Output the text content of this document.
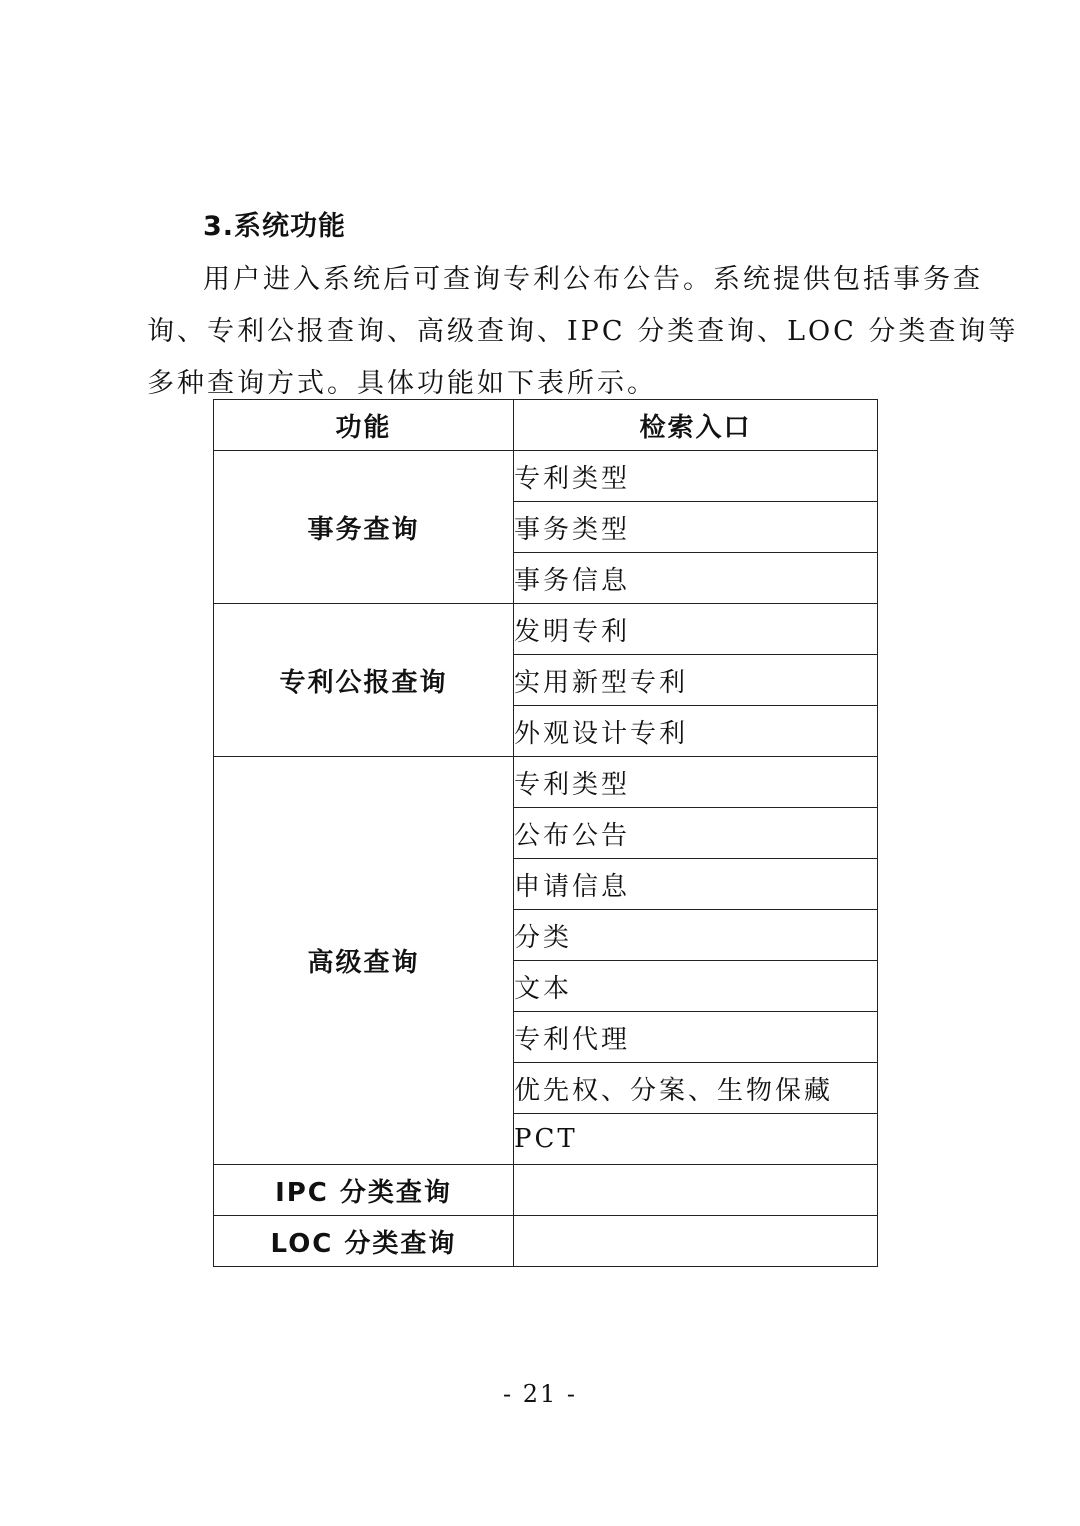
3.系统功能
用户进入系统后可查询专利公布公告。系统提供包括事务查
询、专利公报查询、高级查询、IPC 分类查询、LOC 分类查询等
多种查询方式。具体功能如下表所示。
功能	检索入口
事务查询	专利类型
	事务类型
	事务信息
专利公报查询	发明专利
	实用新型专利
	外观设计专利
高级查询	专利类型
	公布公告
	申请信息
	分类
	文本
	专利代理
	优先权、分案、生物保藏
	PCT
IPC 分类查询	
LOC 分类查询	
- 21 -
